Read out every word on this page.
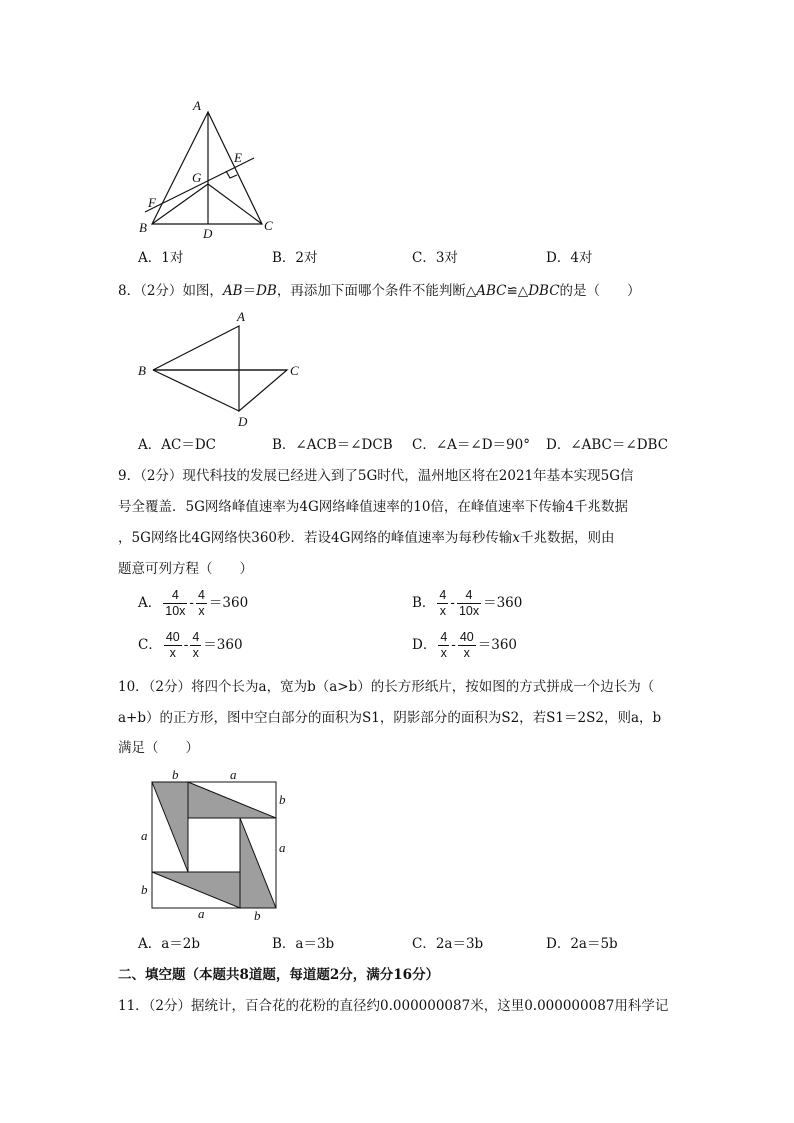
A
E
G
F
B	D
C
A．1对	B．2对	C．3对	D．4对
8．（2分）如图，AB＝DB，再添加下面哪个条件不能判断△ABC≌△DBC的是（　　）
A
B	C
D
A．AC＝DC	B．∠ACB＝∠DCB C．∠A＝∠D＝90° D．∠ABC＝∠DBC
9．（2分）现代科技的发展已经进入到了5G时代，温州地区将在2021年基本实现5G信
号全覆盖．5G网络峰值速率为4G网络峰值速率的10倍，在峰值速率下传输4千兆数据
，5G网络比4G网络快360秒．若设4G网络的峰值速率为每秒传输x千兆数据，则由
题意可列方程（　　）
A． $\frac{4}{10x} - \frac{4}{x} =360$	B． $\frac{4}{x} - \frac{4}{10x} =360$
C． $\frac{40}{x} - \frac{4}{x} =360$	D． $\frac{4}{x} - \frac{40}{x} =360$
10．（2分）将四个长为a，宽为b（a>b）的长方形纸片，按如图的方式拼成一个边长为（
a+b）的正方形，图中空白部分的面积为S1，阴影部分的面积为S2，若S1＝2S2，则a，b
满足（　　）
b	a
b
a
a
b
a	b
A．a＝2b	B．a＝3b	C．2a＝3b	D．2a＝5b
二、填空题（本题共8道题，每道题2分，满分16分）
11．（2分）据统计，百合花的花粉的直径约0.000000087米，这里0.000000087用科学记
